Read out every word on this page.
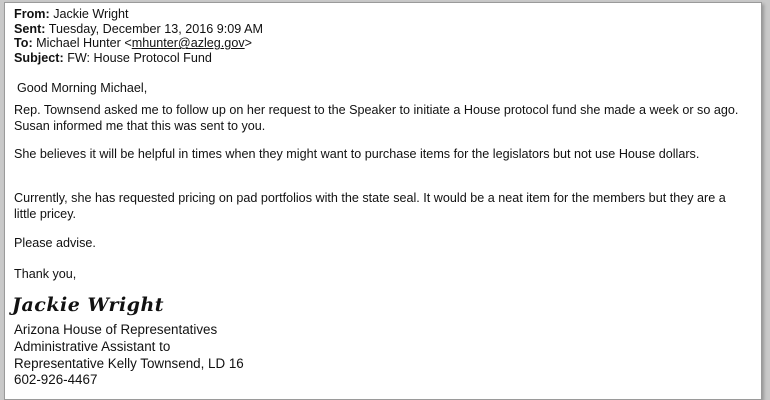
From: Jackie Wright
Sent: Tuesday, December 13, 2016 9:09 AM
To: Michael Hunter <mhunter@azleg.gov>
Subject: FW: House Protocol Fund
Good Morning Michael,
Rep. Townsend asked me to follow up on her request to the Speaker to initiate a House protocol fund she made a week or so ago. Susan informed me that this was sent to you.
She believes it will be helpful in times when they might want to purchase items for the legislators but not use House dollars.
Currently, she has requested pricing on pad portfolios with the state seal. It would be a neat item for the members but they are a little pricey.
Please advise.
Thank you,
Jackie Wright
Arizona House of Representatives
Administrative Assistant to
Representative Kelly Townsend, LD 16
602-926-4467
